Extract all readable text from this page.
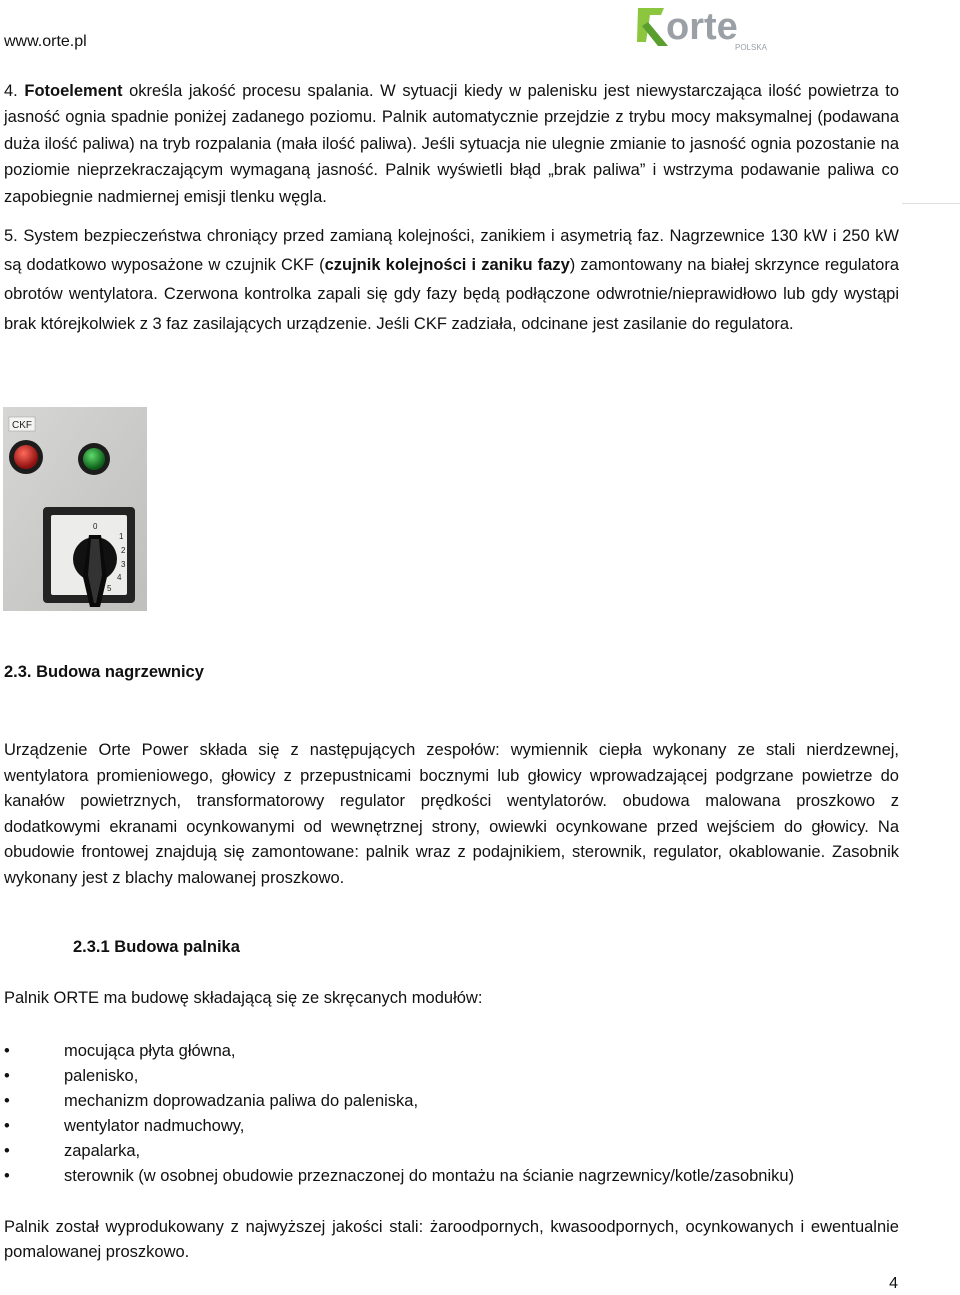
www.orte.pl	orte
POLSKA
4. Fotoelement określa jakość procesu spalania. W sytuacji kiedy w palenisku jest niewystarczająca ilość powietrza to jasność ognia spadnie poniżej zadanego poziomu. Palnik automatycznie przejdzie z trybu mocy maksymalnej (podawana duża ilość paliwa) na tryb rozpalania (mała ilość paliwa). Jeśli sytuacja nie ulegnie zmianie to jasność ognia pozostanie na poziomie nieprzekraczającym wymaganą jasność. Palnik wyświetli błąd „brak paliwa” i wstrzyma podawanie paliwa co zapobiegnie nadmiernej emisji tlenku węgla.
5. System bezpieczeństwa chroniący przed zamianą kolejności, zanikiem i asymetrią faz. Nagrzewnice 130 kW i 250 kW są dodatkowo wyposażone w czujnik CKF (czujnik kolejności i zaniku fazy) zamontowany na białej skrzynce regulatora obrotów wentylatora. Czerwona kontrolka zapali się gdy fazy będą podłączone odwrotnie/nieprawidłowo lub gdy wystąpi brak którejkolwiek z 3 faz zasilających urządzenie. Jeśli CKF zadziała, odcinane jest zasilanie do regulatora.
CKF
0
1
2
3
4
5
2.3. Budowa nagrzewnicy
Urządzenie Orte Power składa się z następujących zespołów: wymiennik ciepła wykonany ze stali nierdzewnej, wentylatora promieniowego, głowicy z przepustnicami bocznymi lub głowicy wprowadzającej podgrzane powietrze do kanałów powietrznych, transformatorowy regulator prędkości wentylatorów. obudowa malowana proszkowo z dodatkowymi ekranami ocynkowanymi od wewnętrznej strony, owiewki ocynkowane przed wejściem do głowicy. Na obudowie frontowej znajdują się zamontowane: palnik wraz z podajnikiem, sterownik, regulator, okablowanie. Zasobnik wykonany jest z blachy malowanej proszkowo.
2.3.1 Budowa palnika
Palnik ORTE ma budowę składającą się ze skręcanych modułów:
•	mocująca płyta główna,
•	palenisko,
•	mechanizm doprowadzania paliwa do paleniska,
•	wentylator nadmuchowy,
•	zapalarka,
•	sterownik (w osobnej obudowie przeznaczonej do montażu na ścianie nagrzewnicy/kotle/zasobniku)
Palnik został wyprodukowany z najwyższej jakości stali: żaroodpornych, kwasoodpornych, ocynkowanych i ewentualnie pomalowanej proszkowo.
4
